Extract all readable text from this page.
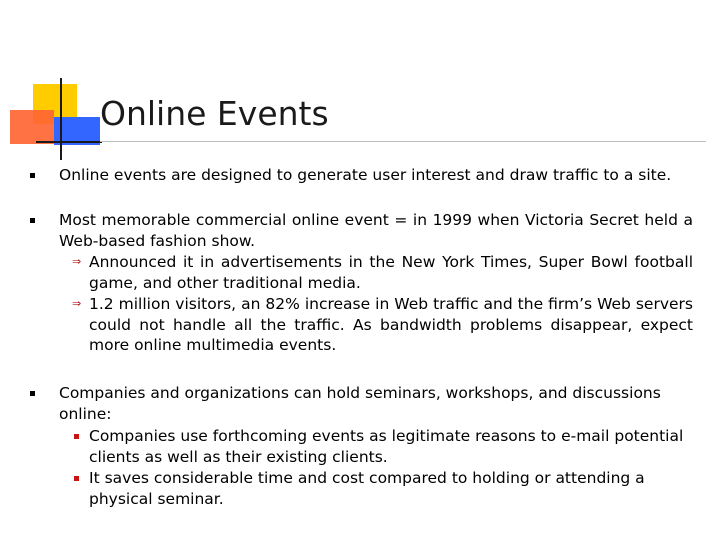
Online Events

Online events are designed to generate user interest and draw traffic to a site.

Most memorable commercial online event = in 1999 when Victoria Secret held a Web-based fashion show.

⇒ Announced it in advertisements in the New York Times, Super Bowl football game, and other traditional media.

⇒ 1.2 million visitors, an 82% increase in Web traffic and the firm’s Web servers could not handle all the traffic. As bandwidth problems disappear, expect more online multimedia events.

Companies and organizations can hold seminars, workshops, and discussions online:

Companies use forthcoming events as legitimate reasons to e-mail potential clients as well as their existing clients.

It saves considerable time and cost compared to holding or attending a physical seminar.
